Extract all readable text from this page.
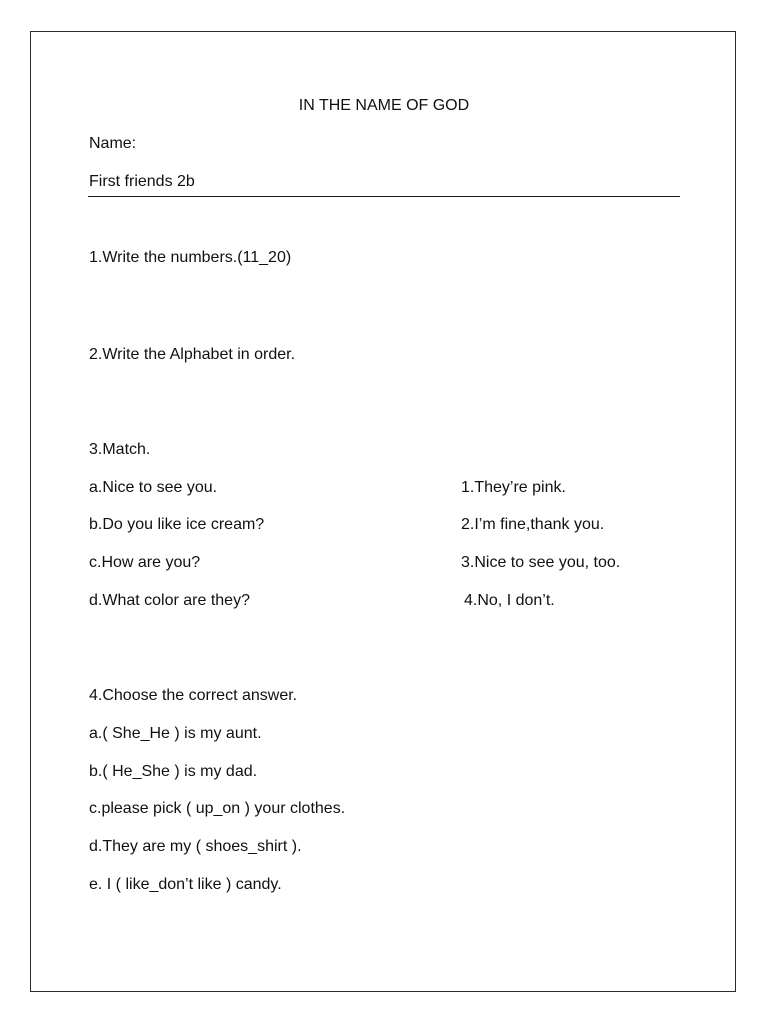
IN THE NAME OF GOD
Name:
First friends 2b
1.Write the numbers.(11_20)
2.Write the Alphabet in order.
3.Match.
a.Nice to see you.
b.Do you like ice cream?
c.How are you?
d.What color are they?
1.They’re pink.
2.I’m fine,thank you.
3.Nice to see you, too.
4.No, I don’t.
4.Choose the correct answer.
a.( She_He ) is my aunt.
b.( He_She ) is my dad.
c.please pick ( up_on ) your clothes.
d.They are my ( shoes_shirt ).
e. I ( like_don’t like ) candy.
